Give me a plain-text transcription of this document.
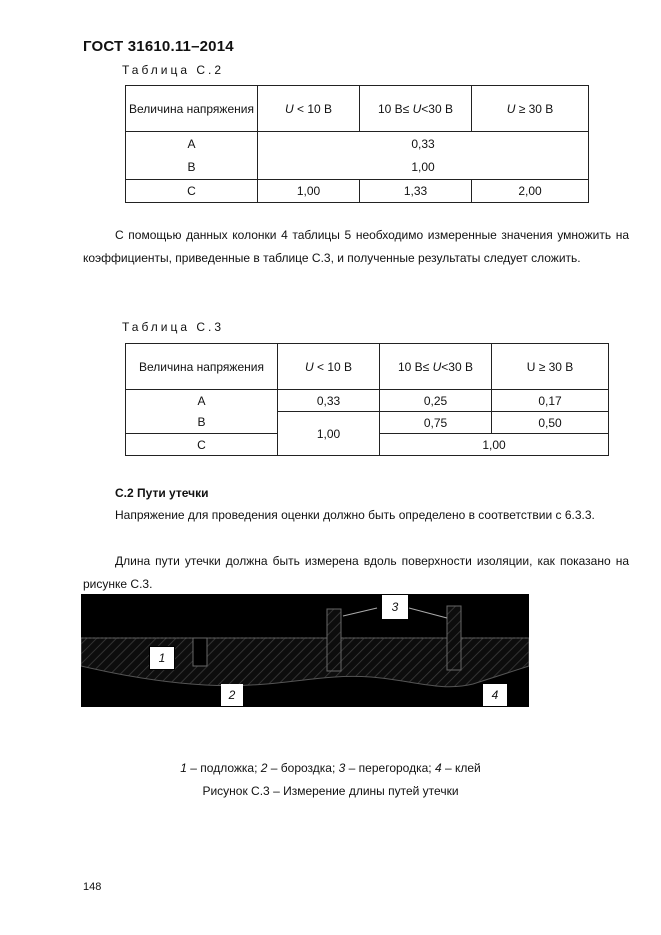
ГОСТ 31610.11–2014
Таблица С.2
Величина напряжения	U < 10 В	10 В≤ U<30 В	U ≥ 30 В
A	0,33		
B	1,00		
C	1,00	1,33	2,00
С помощью данных колонки 4 таблицы 5 необходимо измеренные значения умножить на коэффициенты, приведенные в таблице С.3, и полученные результаты следует сложить.
Таблица С.3
Величина напряжения	U < 10 В	10 В≤ U<30 В	U ≥ 30 В
A	0,33	0,25	0,17
B	1,00	0,75	0,50
C		1,00	
С.2 Пути утечки
Напряжение для проведения оценки должно быть определено в соответствии с 6.3.3.
Длина пути утечки должна быть измерена вдоль поверхности изоляции, как показано на рисунке С.3.
1
2
3
4
1 – подложка; 2 – бороздка; 3 – перегородка; 4 – клей
Рисунок С.3 – Измерение длины путей утечки
148
